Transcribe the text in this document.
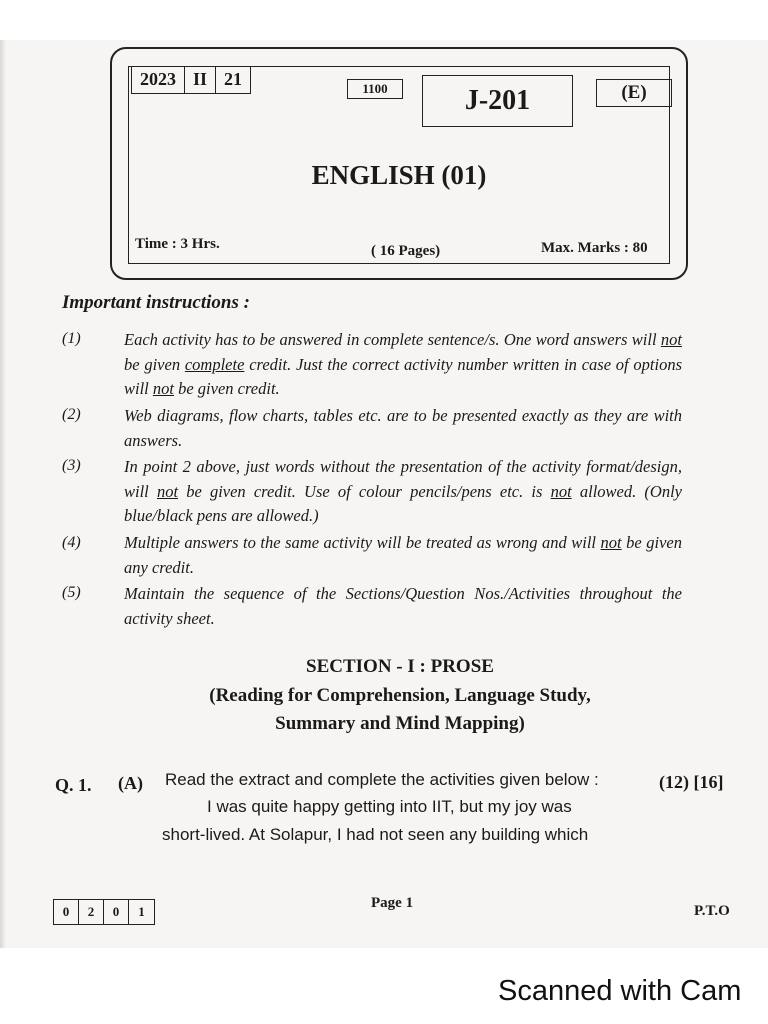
2023 II 21	1100	J-201	(E)
ENGLISH (01)
Time : 3 Hrs.	( 16 Pages)	Max. Marks : 80
Important instructions :
(1)	Each activity has to be answered in complete sentence/s. One word answers will not be given complete credit. Just the correct activity number written in case of options will not be given credit.
(2)	Web diagrams, flow charts, tables etc. are to be presented exactly as they are with answers.
(3)	In point 2 above, just words without the presentation of the activity format/design, will not be given credit. Use of colour pencils/pens etc. is not allowed. (Only blue/black pens are allowed.)
(4)	Multiple answers to the same activity will be treated as wrong and will not be given any credit.
(5)	Maintain the sequence of the Sections/Question Nos./Activities throughout the activity sheet.
SECTION - I : PROSE
(Reading for Comprehension, Language Study,
Summary and Mind Mapping)
Q. 1. (A) Read the extract and complete the activities given below :	(12) [16]
I was quite happy getting into IIT, but my joy was
short-lived. At Solapur, I had not seen any building which
0	2	0	1
Page 1	P.T.O
Scanned with Cam
